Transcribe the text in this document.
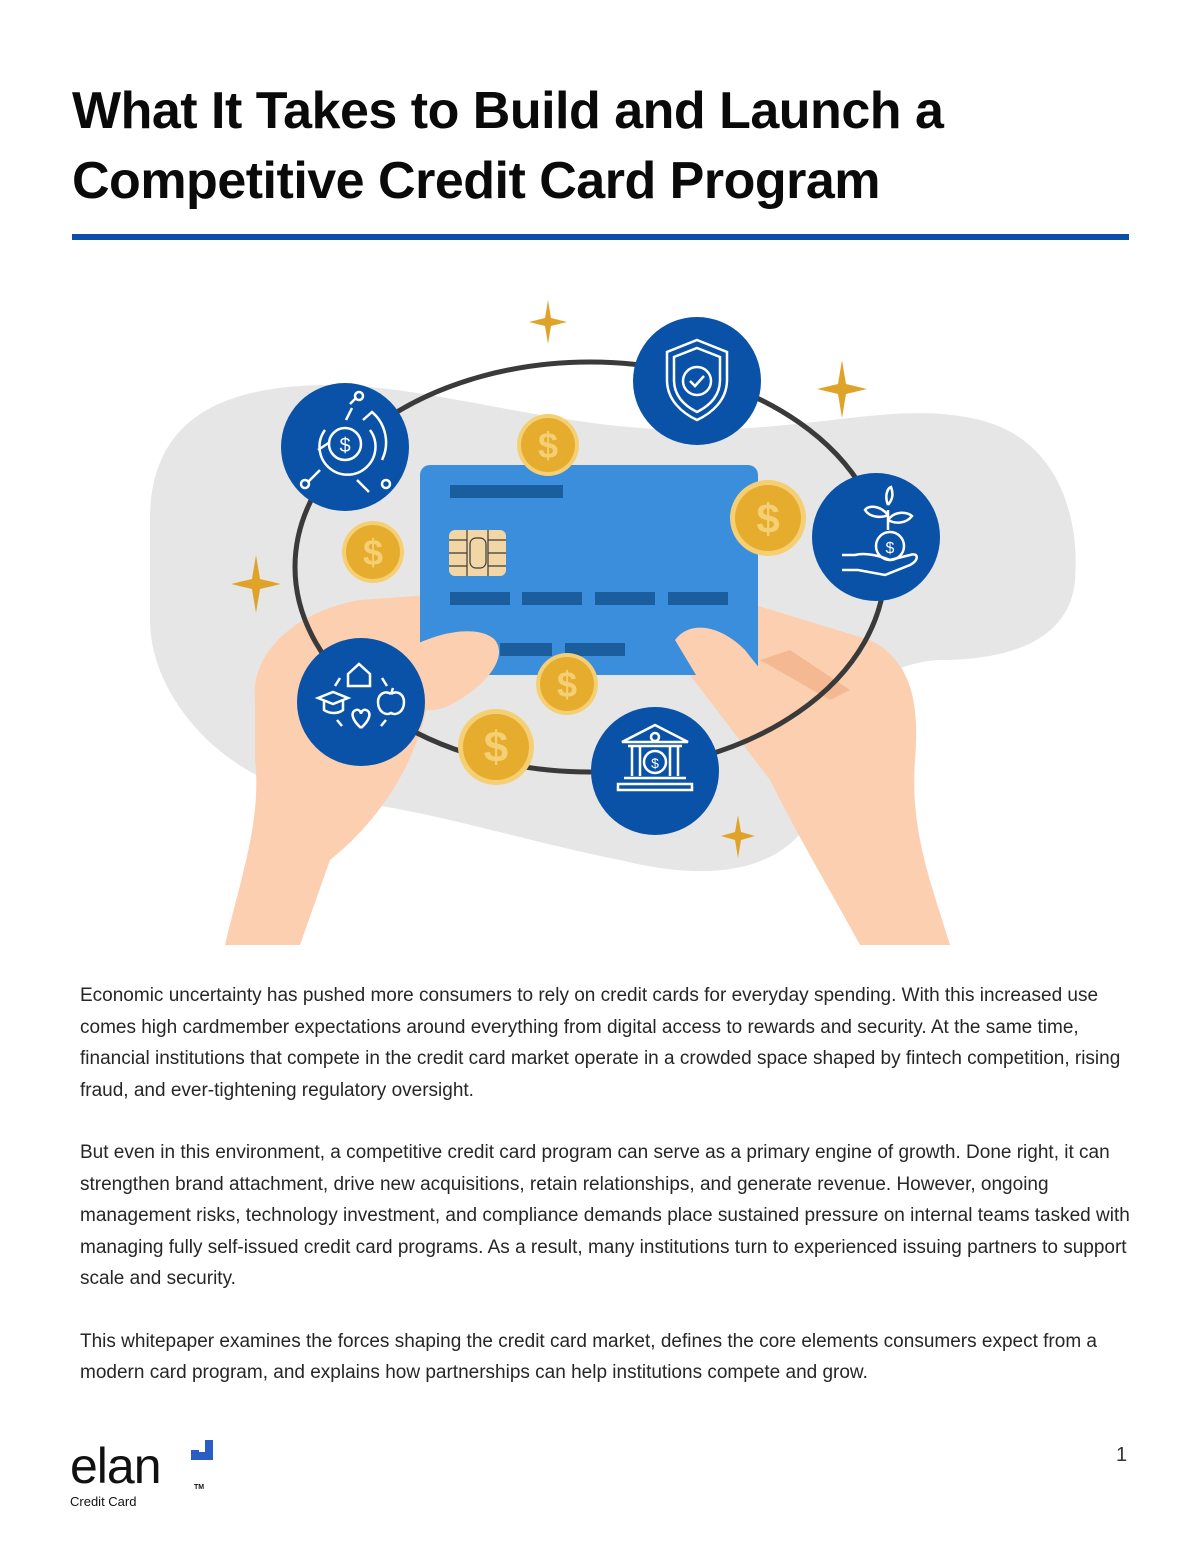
What It Takes to Build and Launch a
Competitive Credit Card Program
$
$
$
$
$
$
$
$

Economic uncertainty has pushed more consumers to rely on credit cards for everyday spending. With this increased use comes high cardmember expectations around everything from digital access to rewards and security. At the same time, financial institutions that compete in the credit card market operate in a crowded space shaped by fintech competition, rising fraud, and ever-tightening regulatory oversight.

But even in this environment, a competitive credit card program can serve as a primary engine of growth. Done right, it can strengthen brand attachment, drive new acquisitions, retain relationships, and generate revenue. However, ongoing management risks, technology investment, and compliance demands place sustained pressure on internal teams tasked with managing fully self-issued credit card programs. As a result, many institutions turn to experienced issuing partners to support scale and security.

This whitepaper examines the forces shaping the credit card market, defines the core elements consumers expect from a modern card program, and explains how partnerships can help institutions compete and grow.

elan	TM
Credit Card
1
